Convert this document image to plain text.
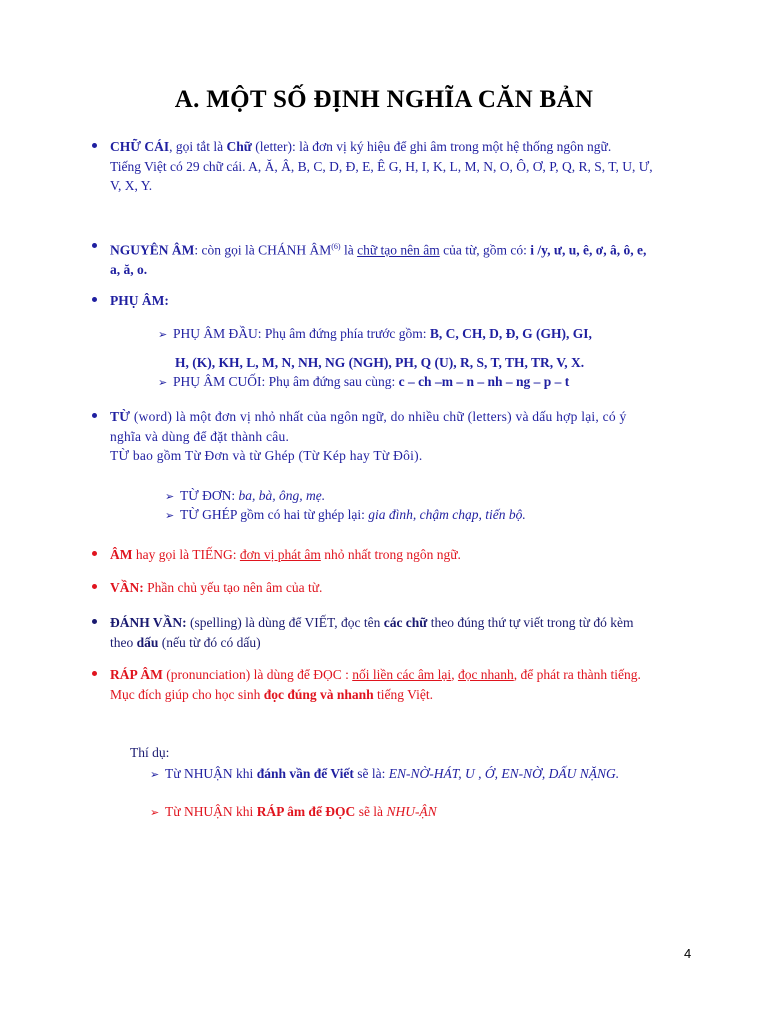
A. MỘT SỐ ĐỊNH NGHĨA CĂN BẢN
CHỮ CÁI, gọi tắt là Chữ (letter): là đơn vị ký hiệu để ghi âm trong một hệ thống ngôn ngữ.
Tiếng Việt có 29 chữ cái. A, Ă, Â, B, C, D, Đ, E, Ê G, H, I, K, L, M, N, O, Ô, Ơ, P, Q, R, S, T, U, Ư, V, X, Y.
NGUYÊN ÂM: còn gọi là CHÁNH ÂM$^{(6)}$ là chữ tạo nên âm của từ, gồm có: i /y, ư, u, ê, ơ, â, ô, e, a, ă, o.
PHỤ ÂM:
➢ PHỤ ÂM ĐẦU: Phụ âm đứng phía trước gồm: B, C, CH, D, Đ, G (GH), GI,
H, (K), KH, L, M, N, NH, NG (NGH), PH, Q (U), R, S, T, TH, TR, V, X.
➢ PHỤ ÂM CUỐI: Phụ âm đứng sau cùng: c – ch –m – n – nh – ng – p – t
TỪ (word) là một đơn vị nhỏ nhất của ngôn ngữ, do nhiều chữ (letters) và dấu hợp lại, có ý nghĩa và dùng để đặt thành câu.
TỪ bao gồm Từ Đơn và từ Ghép (Từ Kép hay Từ Đôi).
➢ TỪ ĐƠN: ba, bà, ông, mẹ.
➢ TỪ GHÉP gồm có hai từ ghép lại: gia đình, chậm chạp, tiến bộ.
ÂM hay gọi là TIẾNG: đơn vị phát âm nhỏ nhất trong ngôn ngữ.
VẦN: Phần chủ yếu tạo nên âm của từ.
ĐÁNH VẦN: (spelling) là dùng để VIẾT, đọc tên các chữ theo đúng thứ tự viết trong từ đó kèm theo dấu (nếu từ đó có dấu)
RÁP ÂM (pronunciation) là dùng để ĐỌC : nối liền các âm lại, đọc nhanh, để phát ra thành tiếng. Mục đích giúp cho học sinh đọc đúng và nhanh tiếng Việt.
Thí dụ:
➢ Từ NHUẬN khi đánh vần để Viết sẽ là: EN-NỜ-HÁT, U , Ớ, EN-NỜ, DẤU NẶNG.
➢ Từ NHUẬN khi RÁP âm để ĐỌC sẽ là NHU-ẬN
4
